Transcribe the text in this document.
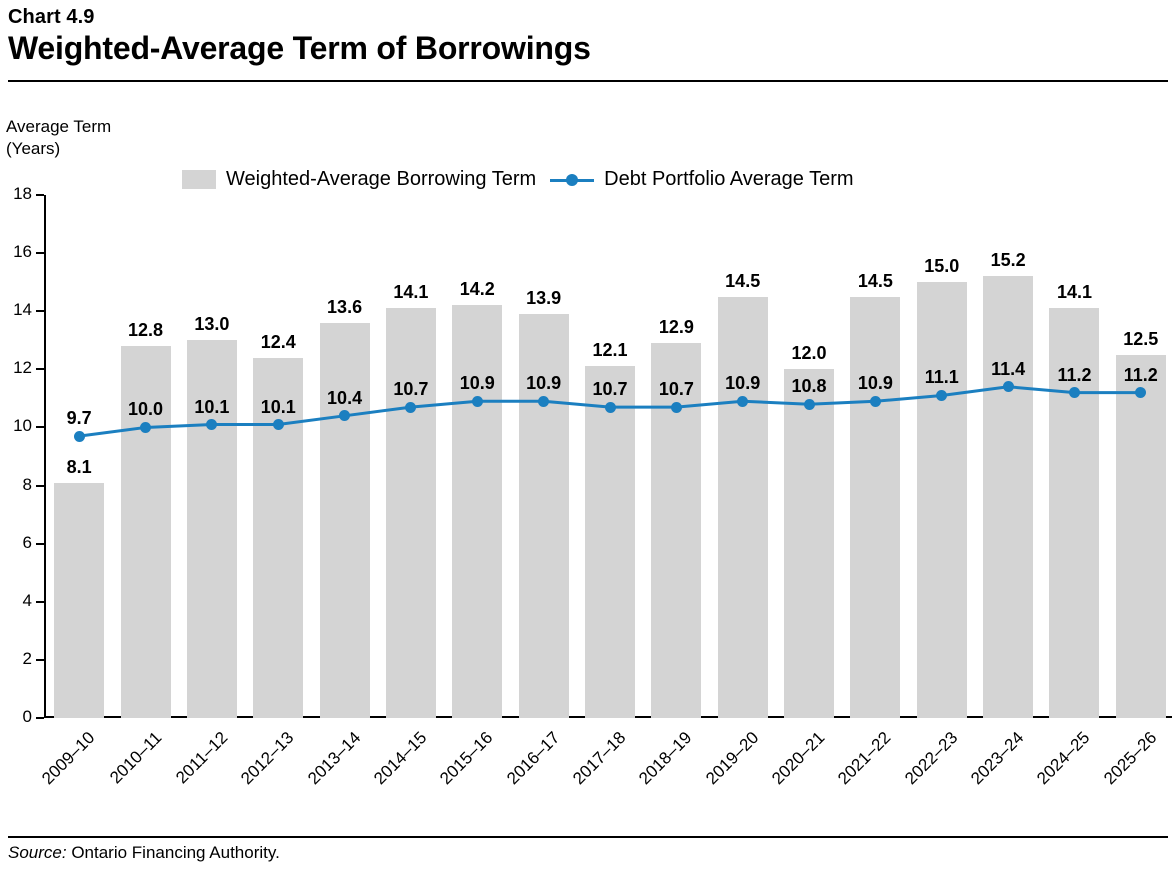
Chart 4.9
Weighted-Average Term of Borrowings
Average Term
(Years)
Weighted-Average Borrowing Term	Debt Portfolio Average Term
8.1
12.8	13.0
12.4
13.6
14.1	14.2	13.9
12.1
12.9
14.5
12.0
14.5
15.0	15.2
14.1
12.5
9.7	10.0	10.1	10.1	10.4	10.7	10.9	10.9	10.7	10.7	10.9	10.8	10.9	11.1	11.4	11.2	11.2
Source: Ontario Financing Authority.
0
2
4
6
8
10
12
14
16
18
2009–10 2010–11 2011–12 2012–13 2013–14 2014–15 2015–16 2016–17 2017–18 2018–19 2019–20 2020–21 2021–22 2022–23 2023–24 2024–25 2025–26
